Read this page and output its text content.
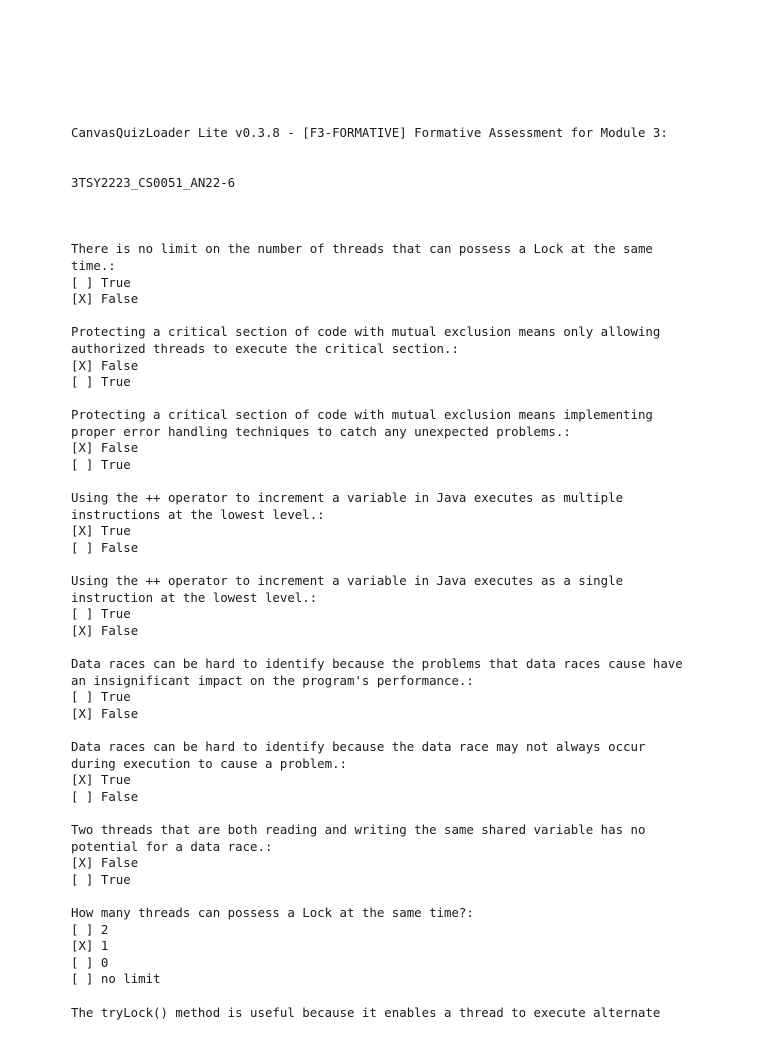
CanvasQuizLoader Lite v0.3.8 - [F3-FORMATIVE] Formative Assessment for Module 3:

3TSY2223_CS0051_AN22-6

There is no limit on the number of threads that can possess a Lock at the same
time.:
[ ] True
[X] False
Protecting a critical section of code with mutual exclusion means only allowing
authorized threads to execute the critical section.:
[X] False
[ ] True
Protecting a critical section of code with mutual exclusion means implementing
proper error handling techniques to catch any unexpected problems.:
[X] False
[ ] True
Using the ++ operator to increment a variable in Java executes as multiple
instructions at the lowest level.:
[X] True
[ ] False
Using the ++ operator to increment a variable in Java executes as a single
instruction at the lowest level.:
[ ] True
[X] False
Data races can be hard to identify because the problems that data races cause have
an insignificant impact on the program's performance.:
[ ] True
[X] False
Data races can be hard to identify because the data race may not always occur
during execution to cause a problem.:
[X] True
[ ] False
Two threads that are both reading and writing the same shared variable has no
potential for a data race.:
[X] False
[ ] True
How many threads can possess a Lock at the same time?:
[ ] 2
[X] 1
[ ] 0
[ ] no limit
The tryLock() method is useful because it enables a thread to execute alternate
